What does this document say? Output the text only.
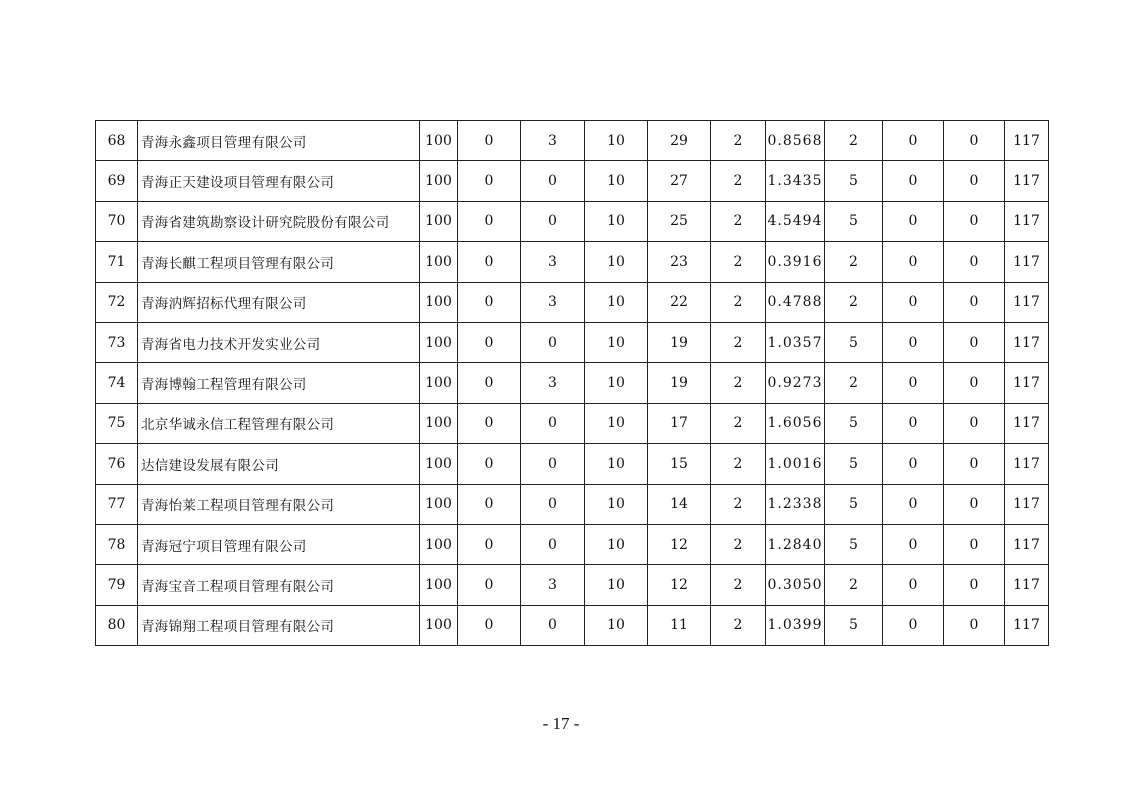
68	青海永鑫项目管理有限公司	100	0	3	10	29	2	0.8568	2	0	0	117
69	青海正天建设项目管理有限公司	100	0	0	10	27	2	1.3435	5	0	0	117
70	青海省建筑勘察设计研究院股份有限公司	100	0	0	10	25	2	4.5494	5	0	0	117
71	青海长麒工程项目管理有限公司	100	0	3	10	23	2	0.3916	2	0	0	117
72	青海汭辉招标代理有限公司	100	0	3	10	22	2	0.4788	2	0	0	117
73	青海省电力技术开发实业公司	100	0	0	10	19	2	1.0357	5	0	0	117
74	青海博翰工程管理有限公司	100	0	3	10	19	2	0.9273	2	0	0	117
75	北京华诚永信工程管理有限公司	100	0	0	10	17	2	1.6056	5	0	0	117
76	达信建设发展有限公司	100	0	0	10	15	2	1.0016	5	0	0	117
77	青海怡莱工程项目管理有限公司	100	0	0	10	14	2	1.2338	5	0	0	117
78	青海冠宁项目管理有限公司	100	0	0	10	12	2	1.2840	5	0	0	117
79	青海宝音工程项目管理有限公司	100	0	3	10	12	2	0.3050	2	0	0	117
80	青海锦翔工程项目管理有限公司	100	0	0	10	11	2	1.0399	5	0	0	117
- 17 -
